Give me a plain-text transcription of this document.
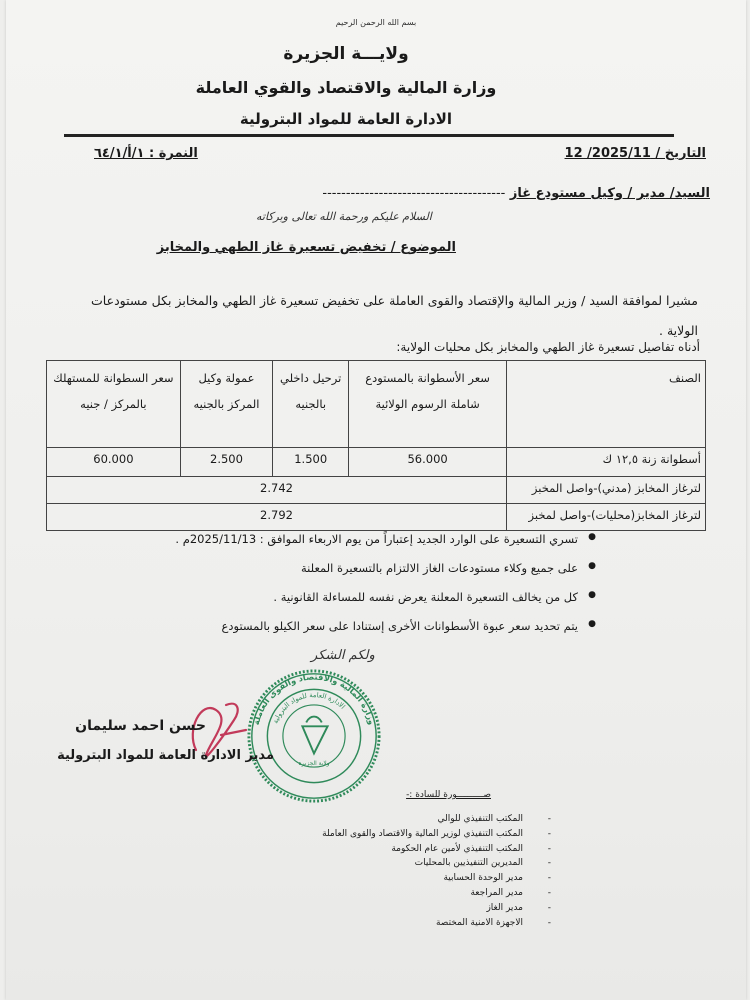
بسم الله الرحمن الرحيم
ولايـــة الجزيرة
وزارة المالية والاقتصاد والقوي العاملة
الادارة العامة للمواد البترولية
التاريخ / 12 /2025/11
النمرة : ١/أ/٦٤/١
السيد/ مدير / وكيل مستودع غاز ---------------------------------------
السلام عليكم ورحمة الله تعالى وبركاته
الموضوع / تخفيض تسعيرة غاز الطهي والمخابز
مشيرا لموافقة السيد / وزير المالية والإقتصاد والقوى العاملة على تخفيض تسعيرة غاز الطهي والمخابز بكل مستودعات الولاية .
أدناه تفاصيل تسعيرة غاز الطهي والمخابز بكل محليات الولاية:
الصنف	سعر الأسطوانة بالمستودع شاملة الرسوم الولائية	ترحيل داخلي بالجنيه	عمولة وكيل المركز بالجنيه	سعر السطوانة للمستهلك بالمركز / جنيه
أسطوانة زنة ١٢,٥ ك	56.000	1.500	2.500	60.000
لترغاز المخابز (مدني)-واصل المخبز	2.742			
لترغاز المخابز(محليات)-واصل لمخبز	2.792			
● تسري التسعيرة على الوارد الجديد إعتباراً من يوم الاربعاء الموافق : 2025/11/13م .
● على جميع وكلاء مستودعات الغاز الالتزام بالتسعيرة المعلنة
● كل من يخالف التسعيرة المعلنة يعرض نفسه للمساءلة القانونية .
● يتم تحديد سعر عبوة الأسطوانات الأخرى إستنادا على سعر الكيلو بالمستودع
ولكم الشكر
وزارة المالية والاقتصاد والقوى العاملة
الادارة العامة للمواد البترولية
ولاية الجزيرة
حسن احمد سليمان
مدير الادارة العامة للمواد البترولية
صــــــــــورة للسادة :-
- المكتب التنفيذي للوالي
- المكتب التنفيذي لوزير المالية والاقتصاد والقوى العاملة
- المكتب التنفيذي لأمين عام الحكومة
- المديرين التنفيذيين بالمحليات
- مدير الوحدة الحسابية
- مدير المراجعة
- مدير الغاز
- الاجهزة الامنية المختصة
